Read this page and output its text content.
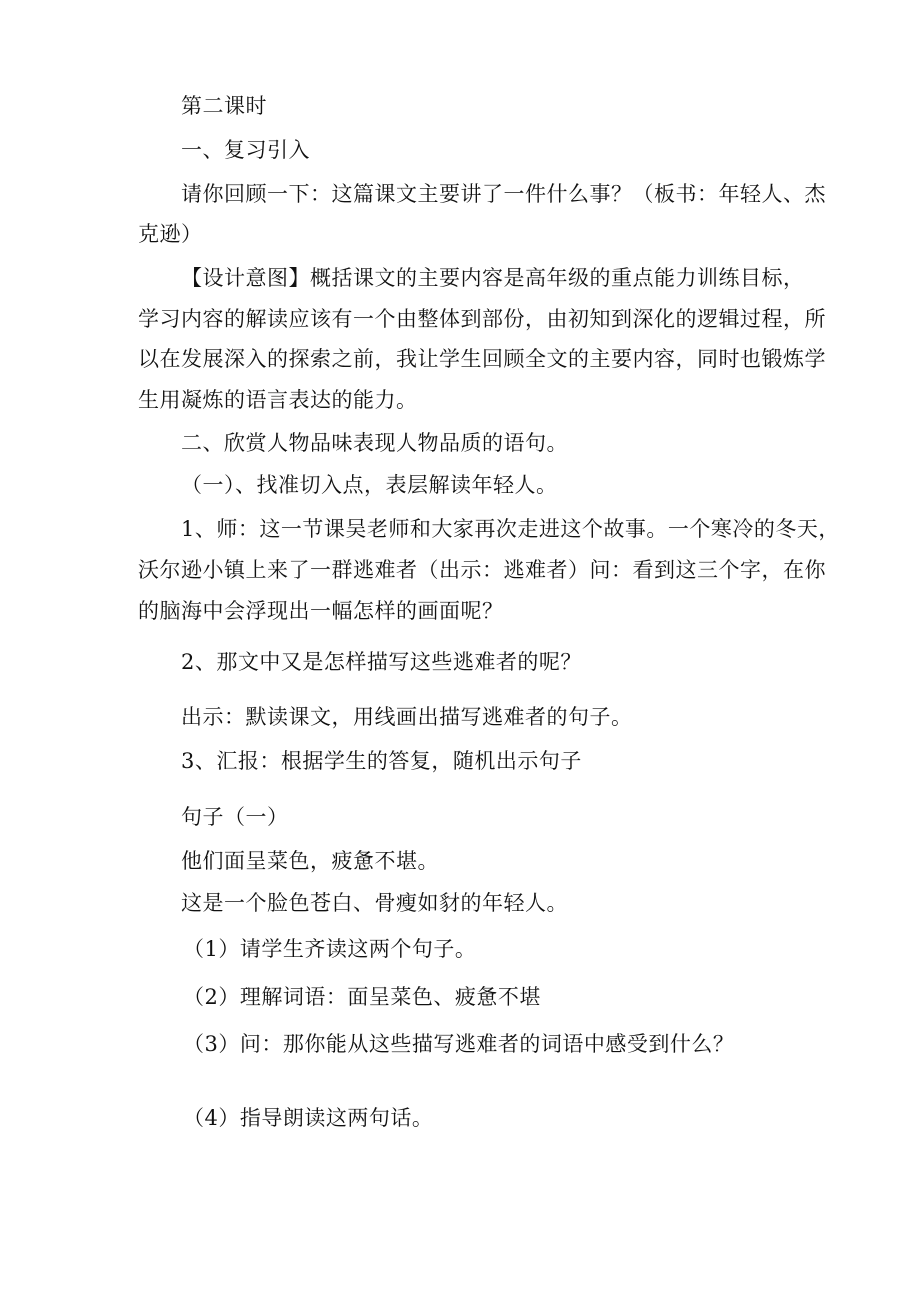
第二课时
一、复习引入
请你回顾一下：这篇课文主要讲了一件什么事？（板书：年轻人、杰
克逊）
【设计意图】概括课文的主要内容是高年级的重点能力训练目标，
学习内容的解读应该有一个由整体到部份，由初知到深化的逻辑过程，所
以在发展深入的探索之前，我让学生回顾全文的主要内容，同时也锻炼学
生用凝炼的语言表达的能力。
二、欣赏人物品味表现人物品质的语句。
（一）、找准切入点，表层解读年轻人。
1、师：这一节课吴老师和大家再次走进这个故事。一个寒冷的冬天，
沃尔逊小镇上来了一群逃难者（出示：逃难者）问：看到这三个字，在你
的脑海中会浮现出一幅怎样的画面呢？
2、那文中又是怎样描写这些逃难者的呢？
出示：默读课文，用线画出描写逃难者的句子。
3、汇报：根据学生的答复，随机出示句子
句子（一）
他们面呈菜色，疲惫不堪。
这是一个脸色苍白、骨瘦如豺的年轻人。
（1）请学生齐读这两个句子。
（2）理解词语：面呈菜色、疲惫不堪
（3）问：那你能从这些描写逃难者的词语中感受到什么？
（4）指导朗读这两句话。
